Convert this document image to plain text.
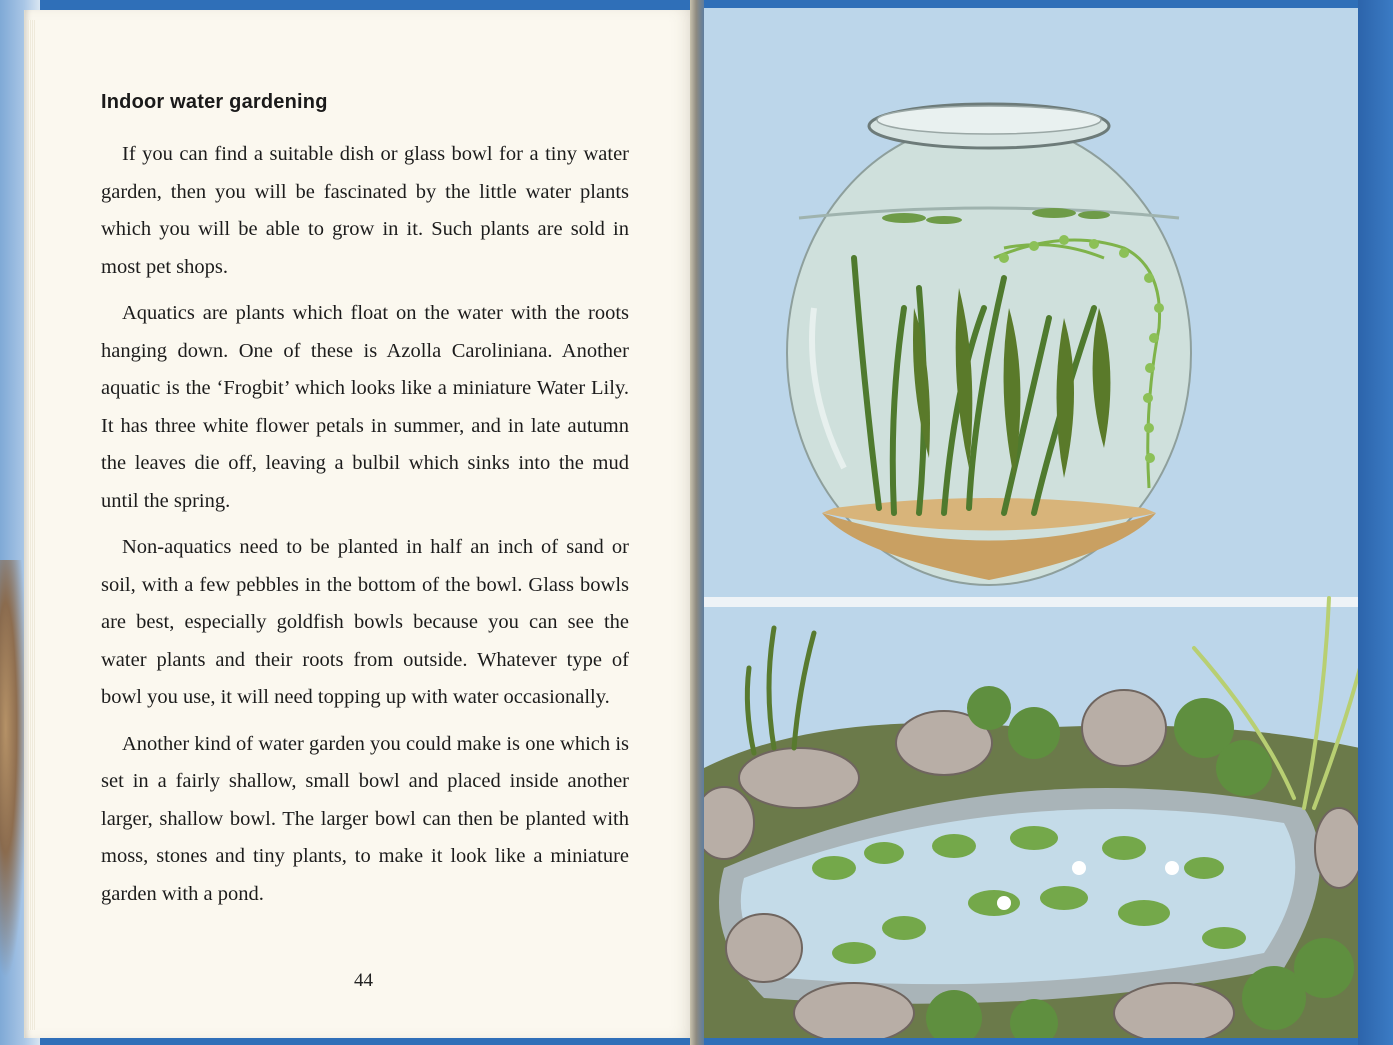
Indoor water gardening

If you can find a suitable dish or glass bowl for a tiny water garden, then you will be fascinated by the little water plants which you will be able to grow in it. Such plants are sold in most pet shops.

Aquatics are plants which float on the water with the roots hanging down. One of these is Azolla Caroliniana. Another aquatic is the ‘Frogbit’ which looks like a miniature Water Lily. It has three white flower petals in summer, and in late autumn the leaves die off, leaving a bulbil which sinks into the mud until the spring.

Non-aquatics need to be planted in half an inch of sand or soil, with a few pebbles in the bottom of the bowl. Glass bowls are best, especially goldfish bowls because you can see the water plants and their roots from outside. Whatever type of bowl you use, it will need topping up with water occasionally.

Another kind of water garden you could make is one which is set in a fairly shallow, small bowl and placed inside another larger, shallow bowl. The larger bowl can then be planted with moss, stones and tiny plants, to make it look like a miniature garden with a pond.

44
